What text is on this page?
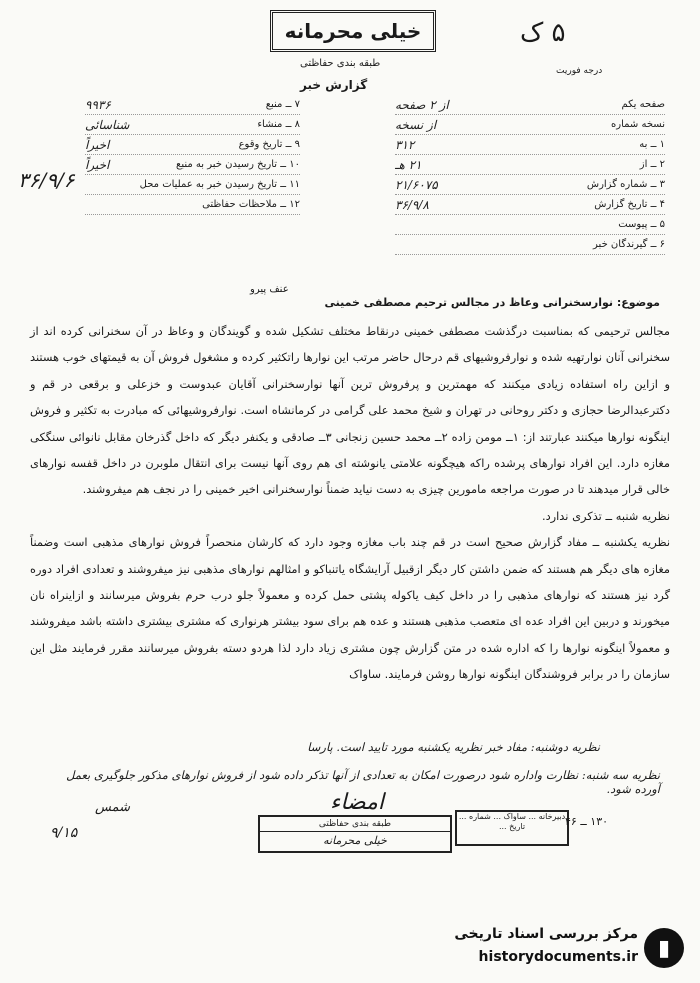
خیلی محرمانه	۵ ک
درجه فوریت
طبقه بندی حفاظتی
گزارش خبر
۷ ــ منبع
۹۹۳۶
۸ ــ منشاء
شناسائی
۹ ــ تاریخ وقوع
اخیراً
۱۰ ــ تاریخ رسیدن خبر به منبع
اخیراً
۱۱ ــ تاریخ رسیدن خبر به عملیات محل
۱۲ ــ ملاحظات حفاظتی
صفحه یکم
از ۲ صفحه
نسخه شماره
از نسخه
۱ ــ به
۳۱۲
۲ ــ از
۲۱ هـ
۳ ــ شماره گزارش
۲۱/۶۰۷۵
۴ ــ تاریخ گزارش
۳۶/۹/۸
۵ ــ پیوست
۶ ــ گیرندگان خبر
۳۶/۹/۶
عنف پیرو
موضوع: نوارسخنرانی وعاظ در مجالس ترحیم مصطفی خمینی

مجالس ترحیمی که بمناسبت درگذشت مصطفی خمینی درنقاط مختلف تشکیل شده و گویندگان و وعاظ در آن سخنرانی کرده اند از سخنرانی آنان نوارتهیه شده و نوارفروشیهای قم درحال حاضر مرتب این نوارها راتکثیر کرده و مشغول فروش آن به قیمتهای خوب هستند و ازاین راه استفاده زیادی میکنند که مهمترین و پرفروش ترین آنها نوارسخنرانی آقایان عبدوست و خزعلی و برقعی در قم و دکترعبدالرضا حجازی و دکتر روحانی در تهران و شیخ محمد علی گرامی در کرمانشاه است. نوارفروشیهائی که مبادرت به تکثیر و فروش اینگونه نوارها میکنند عبارتند از: ۱ــ مومن زاده ۲ــ محمد حسین زنجانی ۳ــ صادقی و یکنفر دیگر که داخل گذرخان مقابل نانوائی سنگکی مغازه دارد. این افراد نوارهای پرشده راکه هیچگونه علامتی یانوشته ای هم روی آنها نیست برای انتقال ملوبرن در داخل قفسه نوارهای خالی قرار میدهند تا در صورت مراجعه مامورین چیزی به دست نیاید ضمناً نوارسخنرانی اخیر خمینی را در نجف هم میفروشند.

نظریه شنبه ــ تذکری ندارد.

نظریه یکشنبه ــ مفاد گزارش صحیح است در قم چند باب مغازه وجود دارد که کارشان منحصراً فروش نوارهای مذهبی است وضمناً مغازه های دیگر هم هستند که ضمن داشتن کار دیگر ازقبیل آرایشگاه یاتنباکو و امثالهم نوارهای مذهبی نیز میفروشند و تعدادی افراد دوره گرد نیز هستند که نوارهای مذهبی را در داخل کیف یاکوله پشتی حمل کرده و معمولاً جلو درب حرم بفروش میرسانند و ازاینراه نان میخورند و دربین این افراد عده ای متعصب مذهبی هستند و عده هم برای سود بیشتر هرنواری که مشتری بیشتری داشته باشد میفروشند و معمولاً اینگونه نوارها را که اداره شده در متن گزارش چون مشتری زیاد دارد لذا هردو دسته بفروش میرسانند مقرر فرمایند مثل این سازمان را در برابر فروشندگان اینگونه نوارها روشن فرمایند. ساواک

نظریه دوشنبه: مفاد خبر نظریه یکشنبه مورد تایید است. پارسا
نظریه سه شنبه: نظارت واداره شود درصورت امکان به تعدادی از آنها تذکر داده شود از فروش نوارهای مذکور جلوگیری بعمل آورده شود.
شمس
۹/۱۵
امضاء
طبقه بندی حفاظتی
خیلی محرمانه
دبیرخانه ... ساواک ... شماره ... تاریخ ...	۱۳۰ ــ ۴۶
▮
مرکز بررسی اسناد تاریخی
historydocuments.ir
